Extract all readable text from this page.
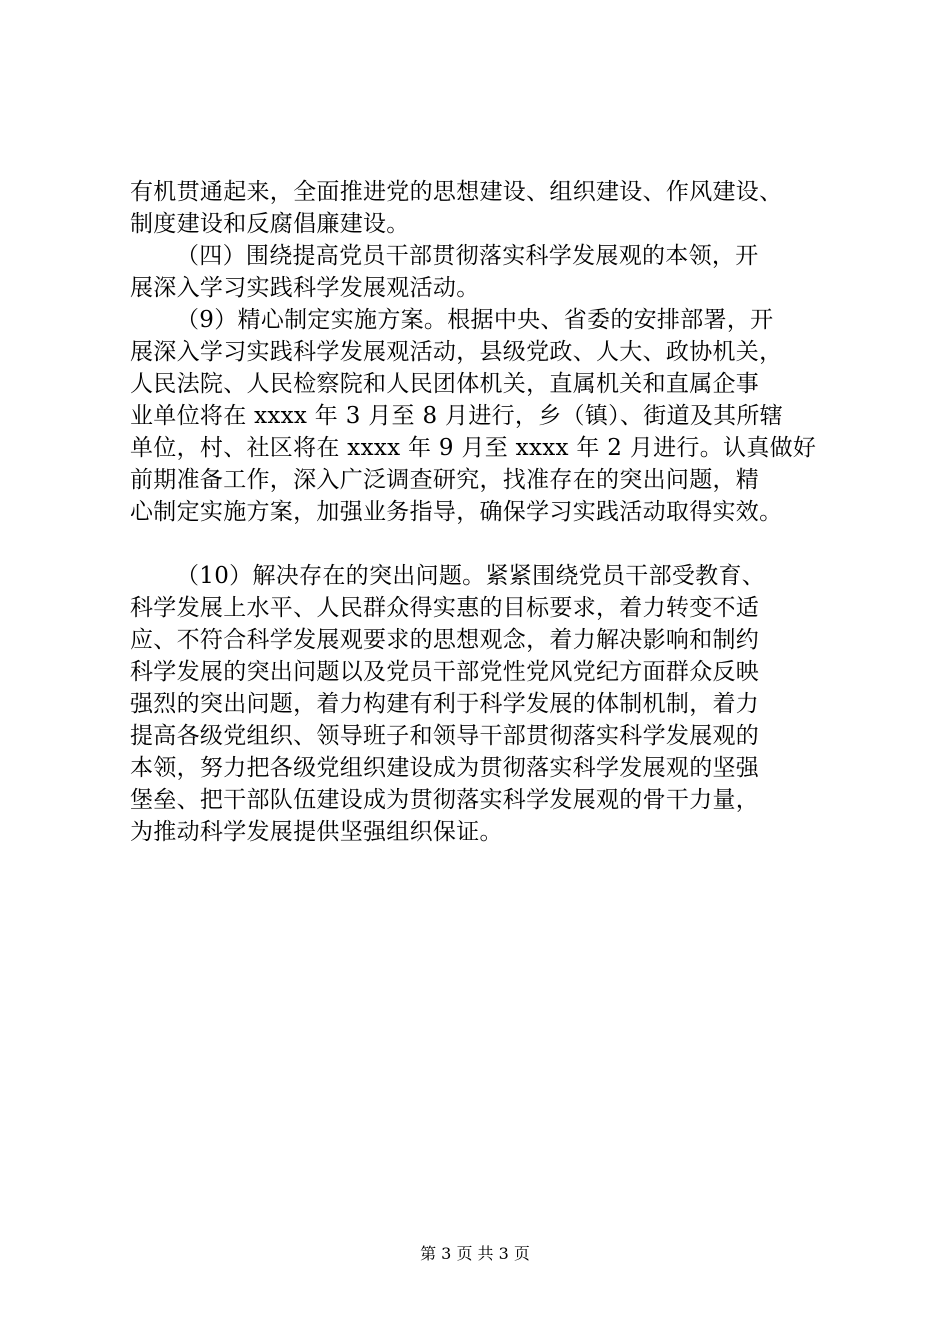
有机贯通起来，全面推进党的思想建设、组织建设、作风建设、
制度建设和反腐倡廉建设。
（四）围绕提高党员干部贯彻落实科学发展观的本领，开
展深入学习实践科学发展观活动。
（9）精心制定实施方案。根据中央、省委的安排部署，开
展深入学习实践科学发展观活动，县级党政、人大、政协机关，
人民法院、人民检察院和人民团体机关，直属机关和直属企事
业单位将在 xxxx 年 3 月至 8 月进行，乡（镇）、街道及其所辖
单位，村、社区将在 xxxx 年 9 月至 xxxx 年 2 月进行。认真做好
前期准备工作，深入广泛调查研究，找准存在的突出问题，精
心制定实施方案，加强业务指导，确保学习实践活动取得实效。
（10）解决存在的突出问题。紧紧围绕党员干部受教育、
科学发展上水平、人民群众得实惠的目标要求，着力转变不适
应、不符合科学发展观要求的思想观念，着力解决影响和制约
科学发展的突出问题以及党员干部党性党风党纪方面群众反映
强烈的突出问题，着力构建有利于科学发展的体制机制，着力
提高各级党组织、领导班子和领导干部贯彻落实科学发展观的
本领，努力把各级党组织建设成为贯彻落实科学发展观的坚强
堡垒、把干部队伍建设成为贯彻落实科学发展观的骨干力量，
为推动科学发展提供坚强组织保证。
第 3 页 共 3 页
